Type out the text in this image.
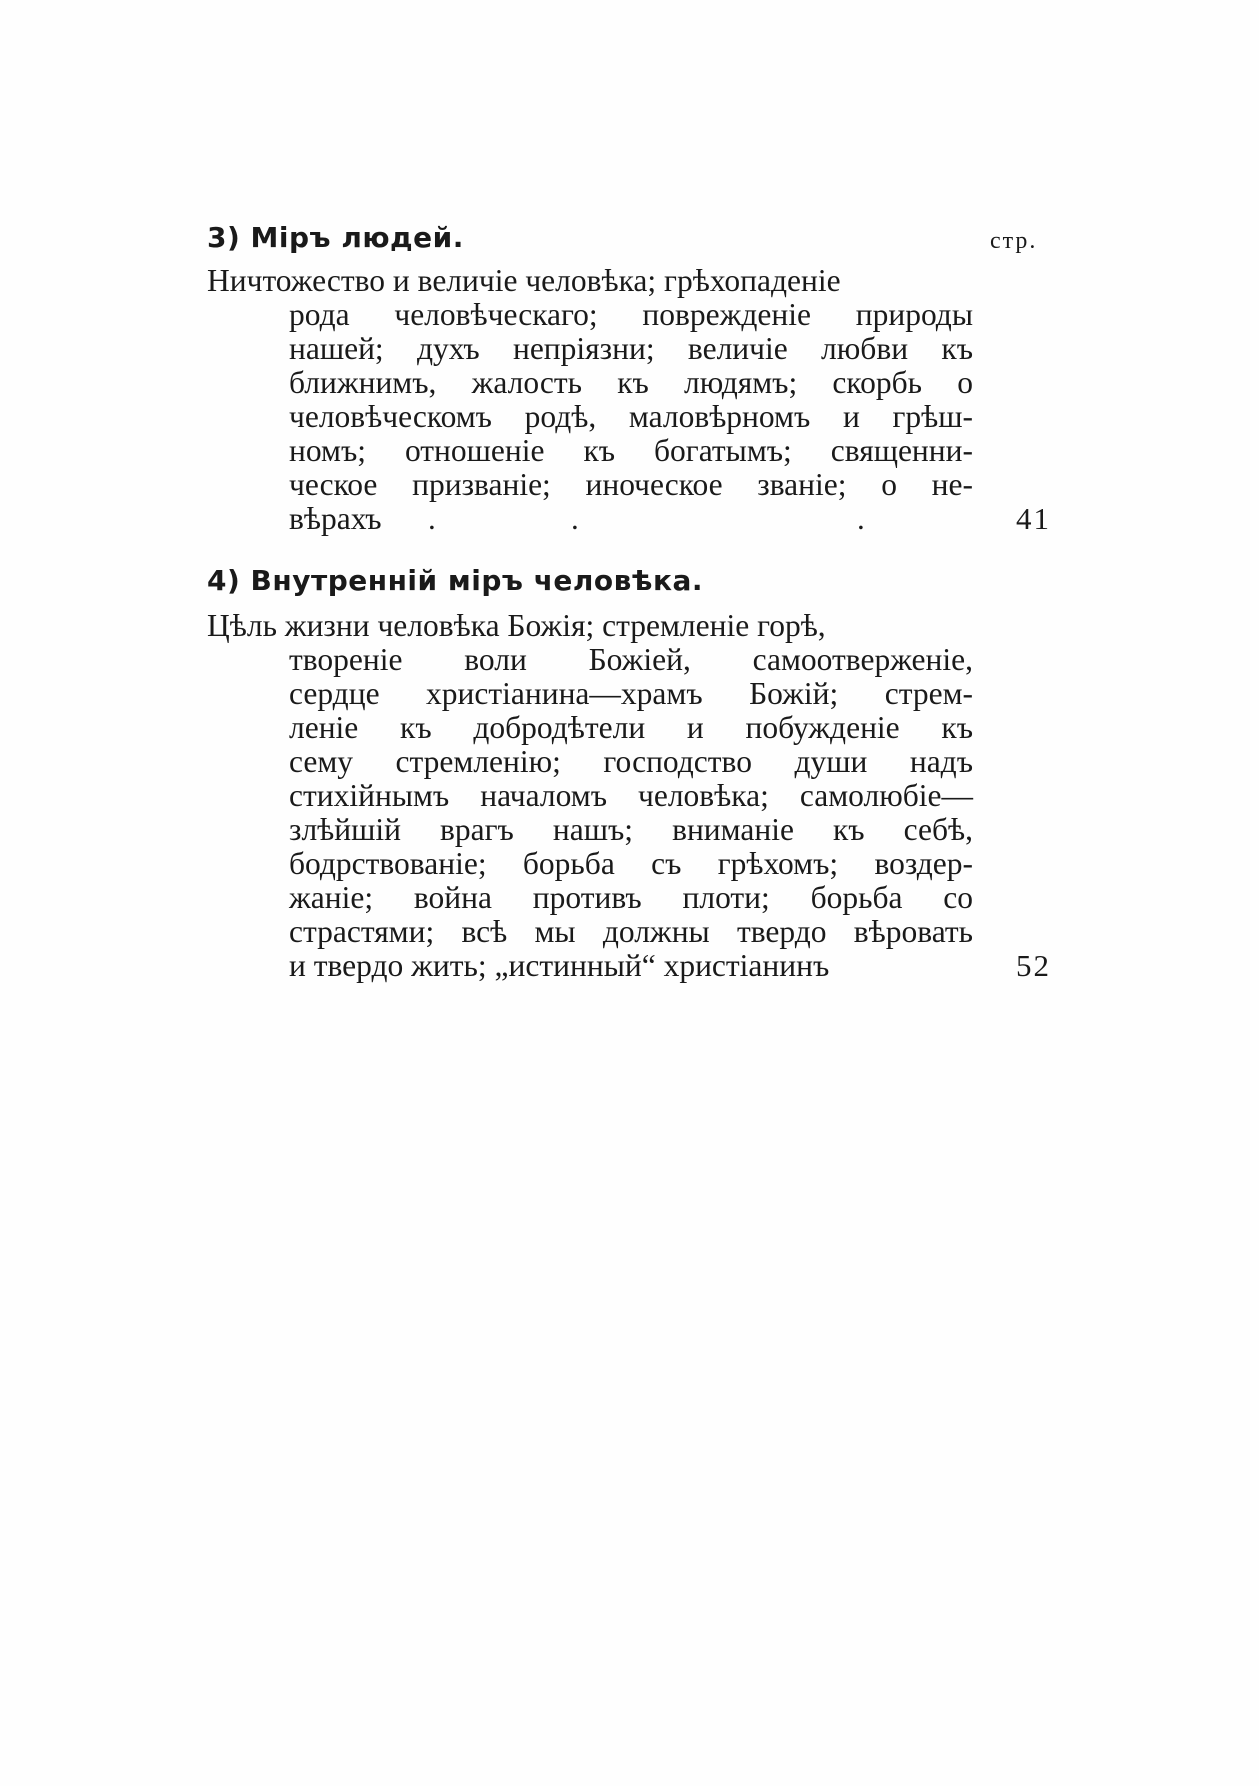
3) Міръ людей.	стр.
Ничтожество и величіе человѣка; грѣхопаденіе
рода человѣческаго; поврежденіе природы
нашей; духъ непріязни; величіе любви къ
ближнимъ, жалость къ людямъ; скорбь о
человѣческомъ родѣ, маловѣрномъ и грѣш-
номъ; отношеніе къ богатымъ; священни-
ческое призваніе; иноческое званіе; о не-
вѣрахъ .	.	.	41
4) Внутренній міръ человѣка.
Цѣль жизни человѣка Божія; стремленіе горѣ,
твореніе воли Божіей, самоотверженіе,
сердце христіанина—храмъ Божій; стрем-
леніе къ добродѣтели и побужденіе къ
сему стремленію; господство души надъ
стихійнымъ началомъ человѣка; самолюбіе—
злѣйшій врагъ нашъ; вниманіе къ себѣ,
бодрствованіе; борьба съ грѣхомъ; воздер-
жаніе; война противъ плоти; борьба со
страстями; всѣ мы должны твердо вѣровать
и твердо жить; „истинный“ христіанинъ	52
